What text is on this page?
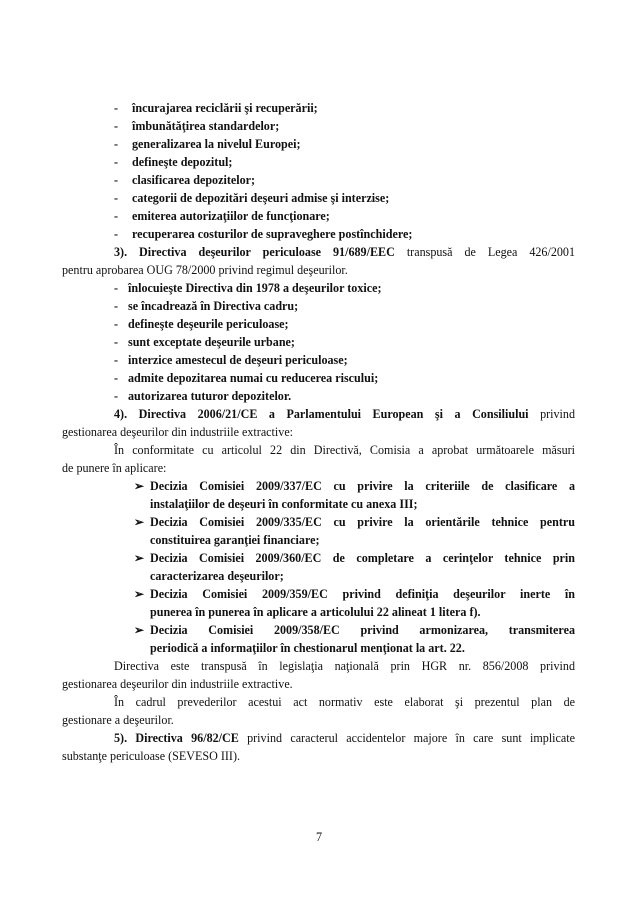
- încurajarea reciclării şi recuperării;
- îmbunătăţirea standardelor;
- generalizarea la nivelul Europei;
- defineşte depozitul;
- clasificarea depozitelor;
- categorii de depozitări deşeuri admise şi interzise;
- emiterea autorizaţiilor de funcţionare;
- recuperarea costurilor de supraveghere postînchidere;
3). Directiva deşeurilor periculoase 91/689/EEC transpusă de Legea 426/2001
pentru aprobarea OUG 78/2000 privind regimul deşeurilor.
- înlocuieşte Directiva din 1978 a deşeurilor toxice;
- se încadrează în Directiva cadru;
- defineşte deşeurile periculoase;
- sunt exceptate deşeurile urbane;
- interzice amestecul de deşeuri periculoase;
- admite depozitarea numai cu reducerea riscului;
- autorizarea tuturor depozitelor.
4). Directiva 2006/21/CE a Parlamentului European şi a Consiliului privind
gestionarea deşeurilor din industriile extractive:
În conformitate cu articolul 22 din Directivă, Comisia a aprobat următoarele măsuri
de punere în aplicare:
➢ Decizia Comisiei 2009/337/EC cu privire la criteriile de clasificare a
instalaţiilor de deşeuri în conformitate cu anexa III;
➢ Decizia Comisiei 2009/335/EC cu privire la orientările tehnice pentru
constituirea garanţiei financiare;
➢ Decizia Comisiei 2009/360/EC de completare a cerinţelor tehnice prin
caracterizarea deşeurilor;
➢ Decizia Comisiei 2009/359/EC privind definiţia deşeurilor inerte în
punerea în punerea în aplicare a articolului 22 alineat 1 litera f).
➢ Decizia Comisiei 2009/358/EC privind armonizarea, transmiterea
periodică a informaţiilor în chestionarul menţionat la art. 22.
Directiva este transpusă în legislaţia naţională prin HGR nr. 856/2008 privind
gestionarea deşeurilor din industriile extractive.
În cadrul prevederilor acestui act normativ este elaborat şi prezentul plan de
gestionare a deşeurilor.
5). Directiva 96/82/CE privind caracterul accidentelor majore în care sunt implicate
substanţe periculoase (SEVESO III).
7
